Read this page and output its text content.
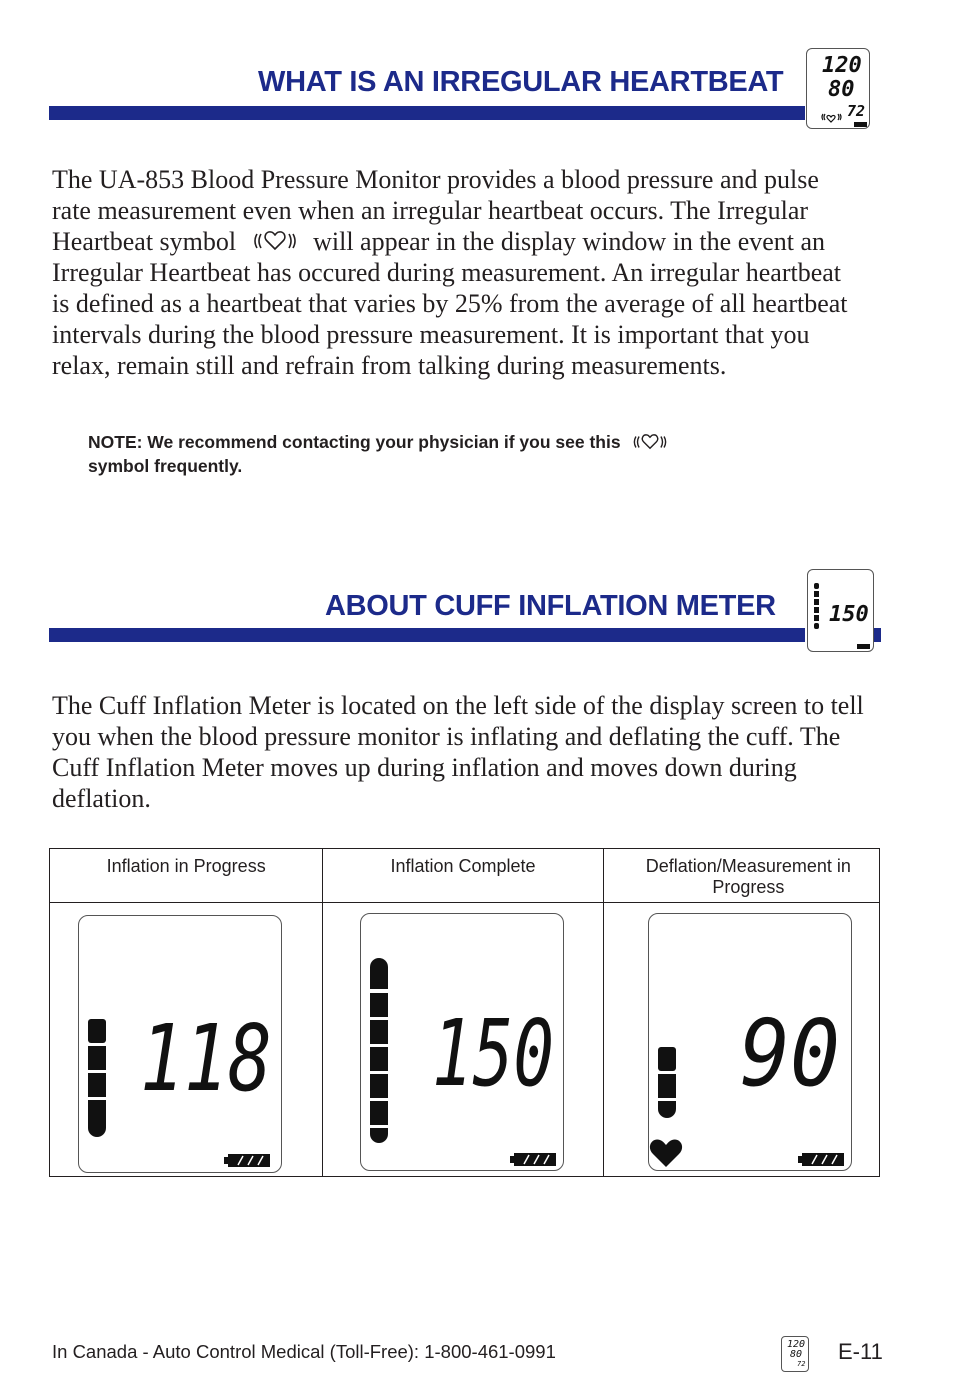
WHAT IS AN IRREGULAR HEARTBEAT
120
80
72
The UA-853 Blood Pressure Monitor provides a blood pressure and pulse rate measurement even when an irregular heartbeat occurs. The Irregular Heartbeat symbol	will appear in the display window in the event an Irregular Heartbeat has occured during measurement. An irregular heartbeat is defined as a heartbeat that varies by 25% from the average of all heartbeat intervals during the blood pressure measurement. It is important that you relax, remain still and refrain from talking during measurements.
NOTE: We recommend contacting your physician if you see this
symbol frequently.
ABOUT CUFF INFLATION METER 150
The Cuff Inflation Meter is located on the left side of the display screen to tell you when the blood pressure monitor is inflating and deflating the cuff. The Cuff Inflation Meter moves up during inflation and moves down during deflation.
Inflation in Progress	Inflation Complete	Deflation/Measurement in Progress

118	150	90
In Canada - Auto Control Medical (Toll-Free): 1-800-461-0991	120
80
72 E-11
